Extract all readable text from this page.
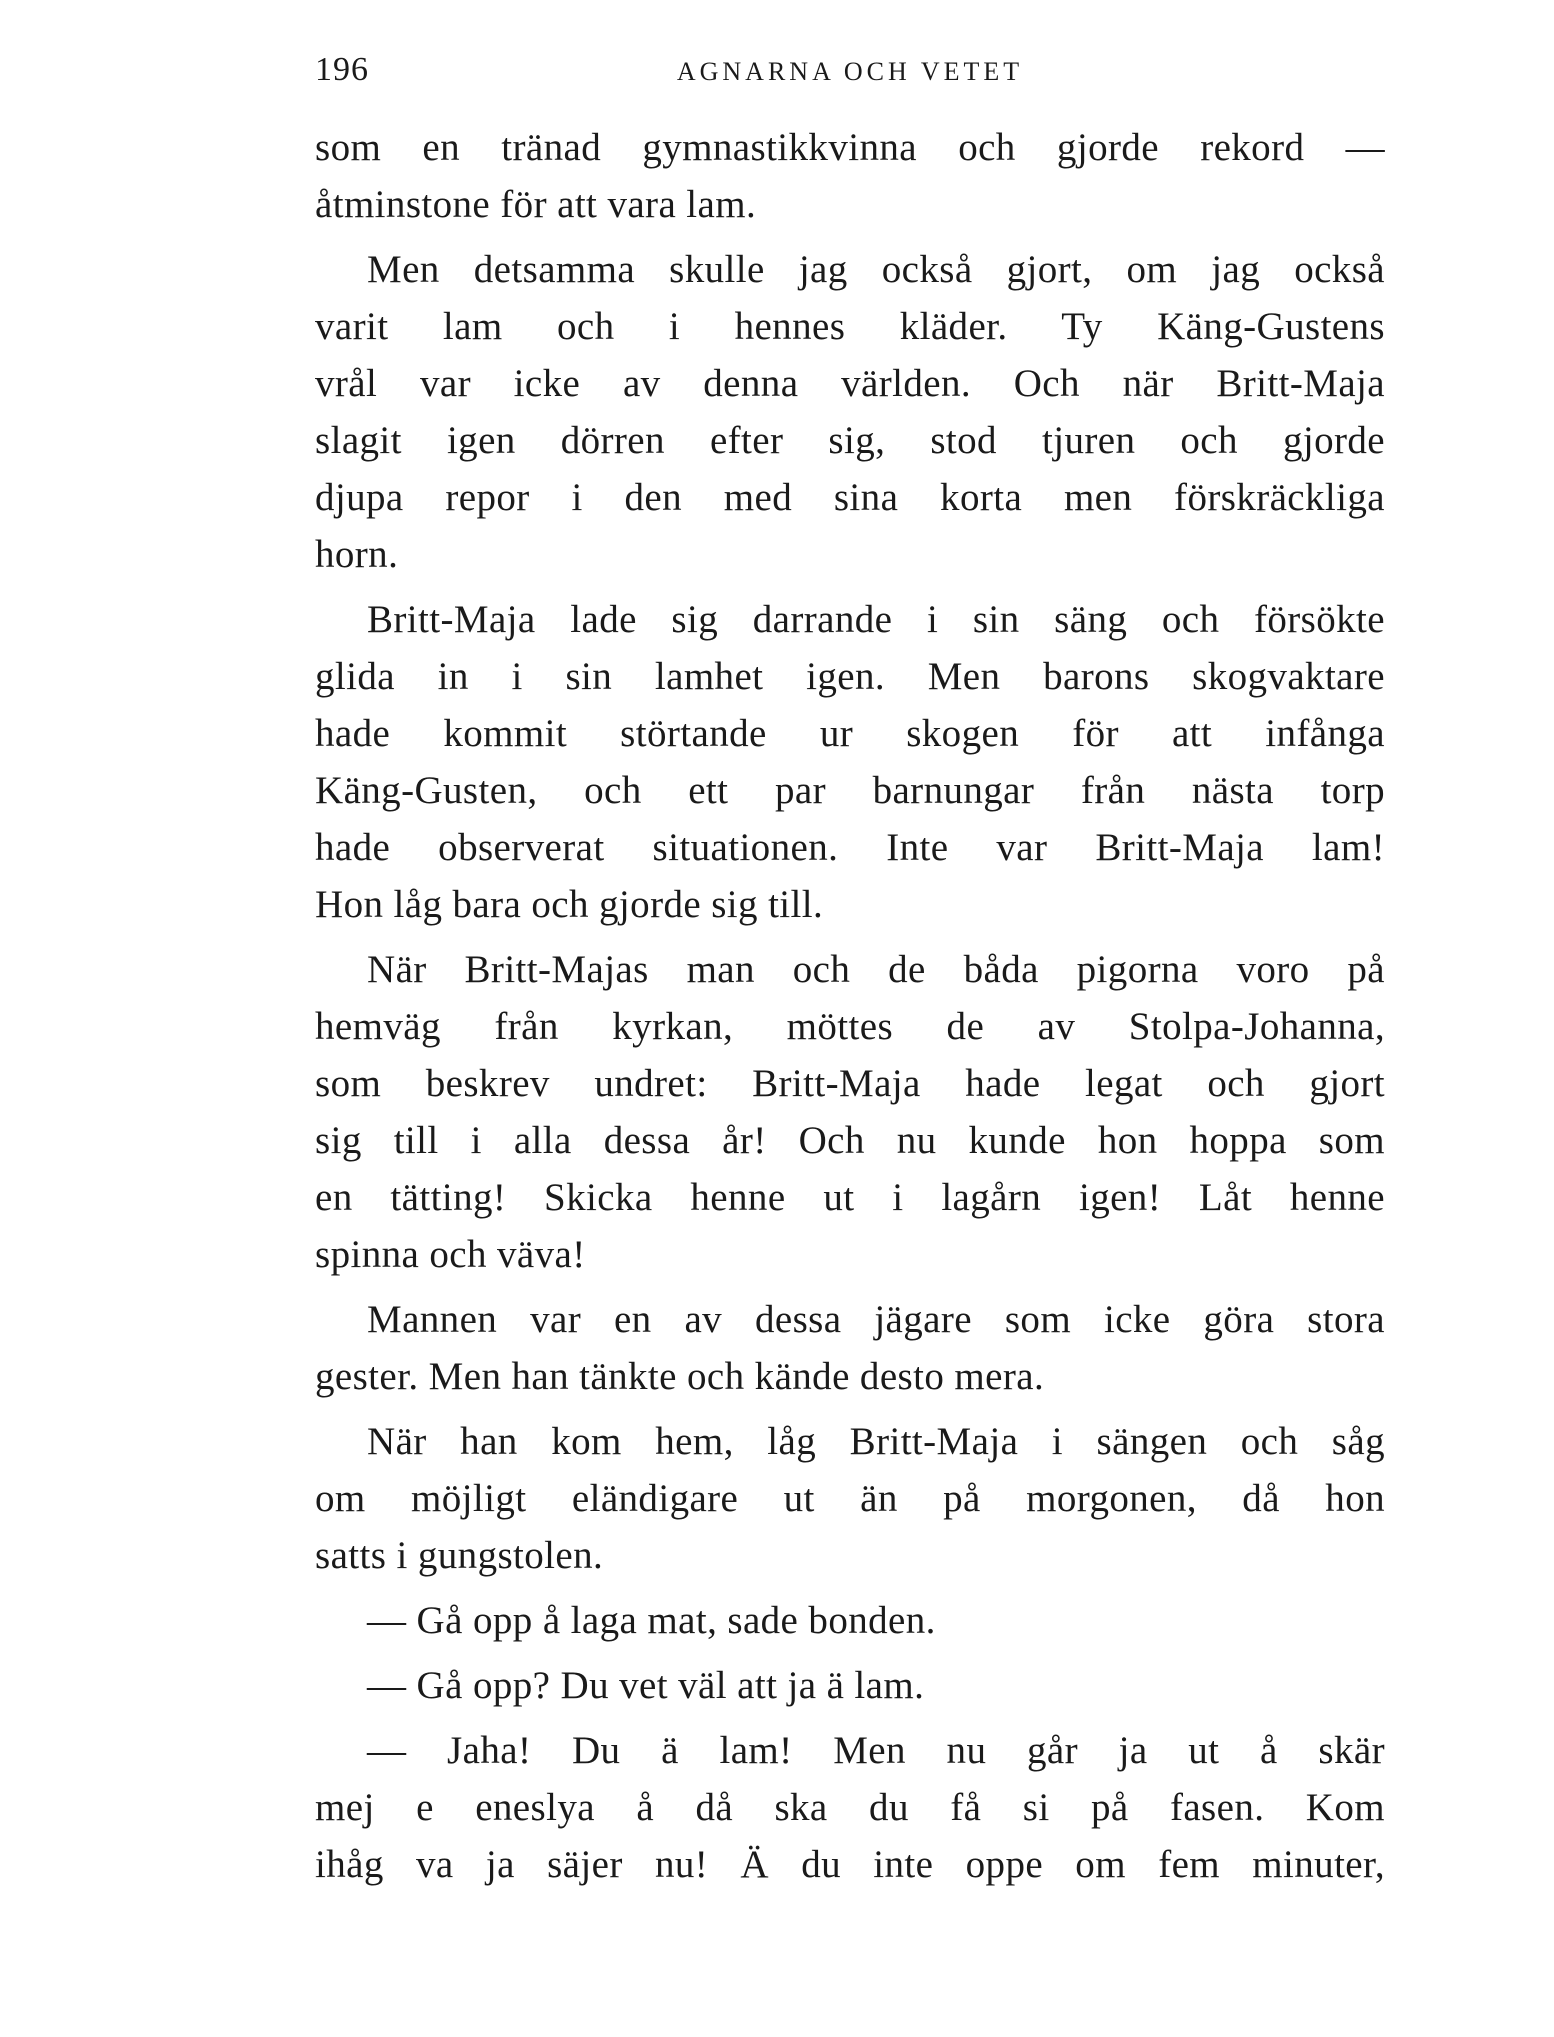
196	AGNARNA OCH VETET
som en tränad gymnastikkvinna och gjorde rekord —
åtminstone för att vara lam.
Men detsamma skulle jag också gjort, om jag också
varit lam och i hennes kläder. Ty Käng-Gustens
vrål var icke av denna världen. Och när Britt-Maja
slagit igen dörren efter sig, stod tjuren och gjorde
djupa repor i den med sina korta men förskräckliga
horn.
Britt-Maja lade sig darrande i sin säng och försökte
glida in i sin lamhet igen. Men barons skogvaktare
hade kommit störtande ur skogen för att infånga
Käng-Gusten, och ett par barnungar från nästa torp
hade observerat situationen. Inte var Britt-Maja lam!
Hon låg bara och gjorde sig till.
När Britt-Majas man och de båda pigorna voro på
hemväg från kyrkan, möttes de av Stolpa-Johanna,
som beskrev undret: Britt-Maja hade legat och gjort
sig till i alla dessa år! Och nu kunde hon hoppa som
en tätting! Skicka henne ut i lagårn igen! Låt henne
spinna och väva!
Mannen var en av dessa jägare som icke göra stora
gester. Men han tänkte och kände desto mera.
När han kom hem, låg Britt-Maja i sängen och såg
om möjligt eländigare ut än på morgonen, då hon
satts i gungstolen.
— Gå opp å laga mat, sade bonden.
— Gå opp? Du vet väl att ja ä lam.
— Jaha! Du ä lam! Men nu går ja ut å skär
mej e eneslya å då ska du få si på fasen. Kom
ihåg va ja säjer nu! Ä du inte oppe om fem minuter,
